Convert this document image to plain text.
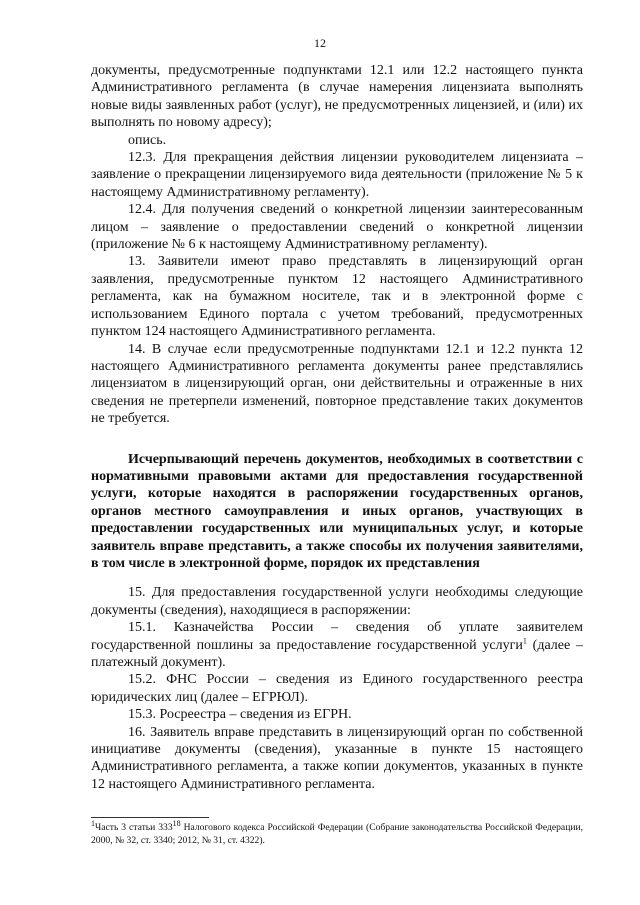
12

документы, предусмотренные подпунктами 12.1 или 12.2 настоящего пункта Административного регламента (в случае намерения лицензиата выполнять новые виды заявленных работ (услуг), не предусмотренных лицензией, и (или) их выполнять по новому адресу);

опись.

12.3. Для прекращения действия лицензии руководителем лицензиата – заявление о прекращении лицензируемого вида деятельности (приложение № 5 к настоящему Административному регламенту).

12.4. Для получения сведений о конкретной лицензии заинтересованным лицом – заявление о предоставлении сведений о конкретной лицензии (приложение № 6 к настоящему Административному регламенту).

13. Заявители имеют право представлять в лицензирующий орган заявления, предусмотренные пунктом 12 настоящего Административного регламента, как на бумажном носителе, так и в электронной форме с использованием Единого портала с учетом требований, предусмотренных пунктом 124 настоящего Административного регламента.

14. В случае если предусмотренные подпунктами 12.1 и 12.2 пункта 12 настоящего Административного регламента документы ранее представлялись лицензиатом в лицензирующий орган, они действительны и отраженные в них сведения не претерпели изменений, повторное представление таких документов не требуется.

Исчерпывающий перечень документов, необходимых в соответствии с нормативными правовыми актами для предоставления государственной услуги, которые находятся в распоряжении государственных органов, органов местного самоуправления и иных органов, участвующих в предоставлении государственных или муниципальных услуг, и которые заявитель вправе представить, а также способы их получения заявителями, в том числе в электронной форме, порядок их представления

15. Для предоставления государственной услуги необходимы следующие документы (сведения), находящиеся в распоряжении:

15.1. Казначейства России – сведения об уплате заявителем государственной пошлины за предоставление государственной услуги$^1$ (далее – платежный документ).

15.2. ФНС России – сведения из Единого государственного реестра юридических лиц (далее – ЕГРЮЛ).

15.3. Росреестра – сведения из ЕГРН.

16. Заявитель вправе представить в лицензирующий орган по собственной инициативе документы (сведения), указанные в пункте 15 настоящего Административного регламента, а также копии документов, указанных в пункте 12 настоящего Административного регламента.

$^1$Часть 3 статьи $333^{18}$ Налогового кодекса Российской Федерации (Собрание законодательства Российской Федерации, 2000, № 32, ст. 3340; 2012, № 31, ст. 4322).
